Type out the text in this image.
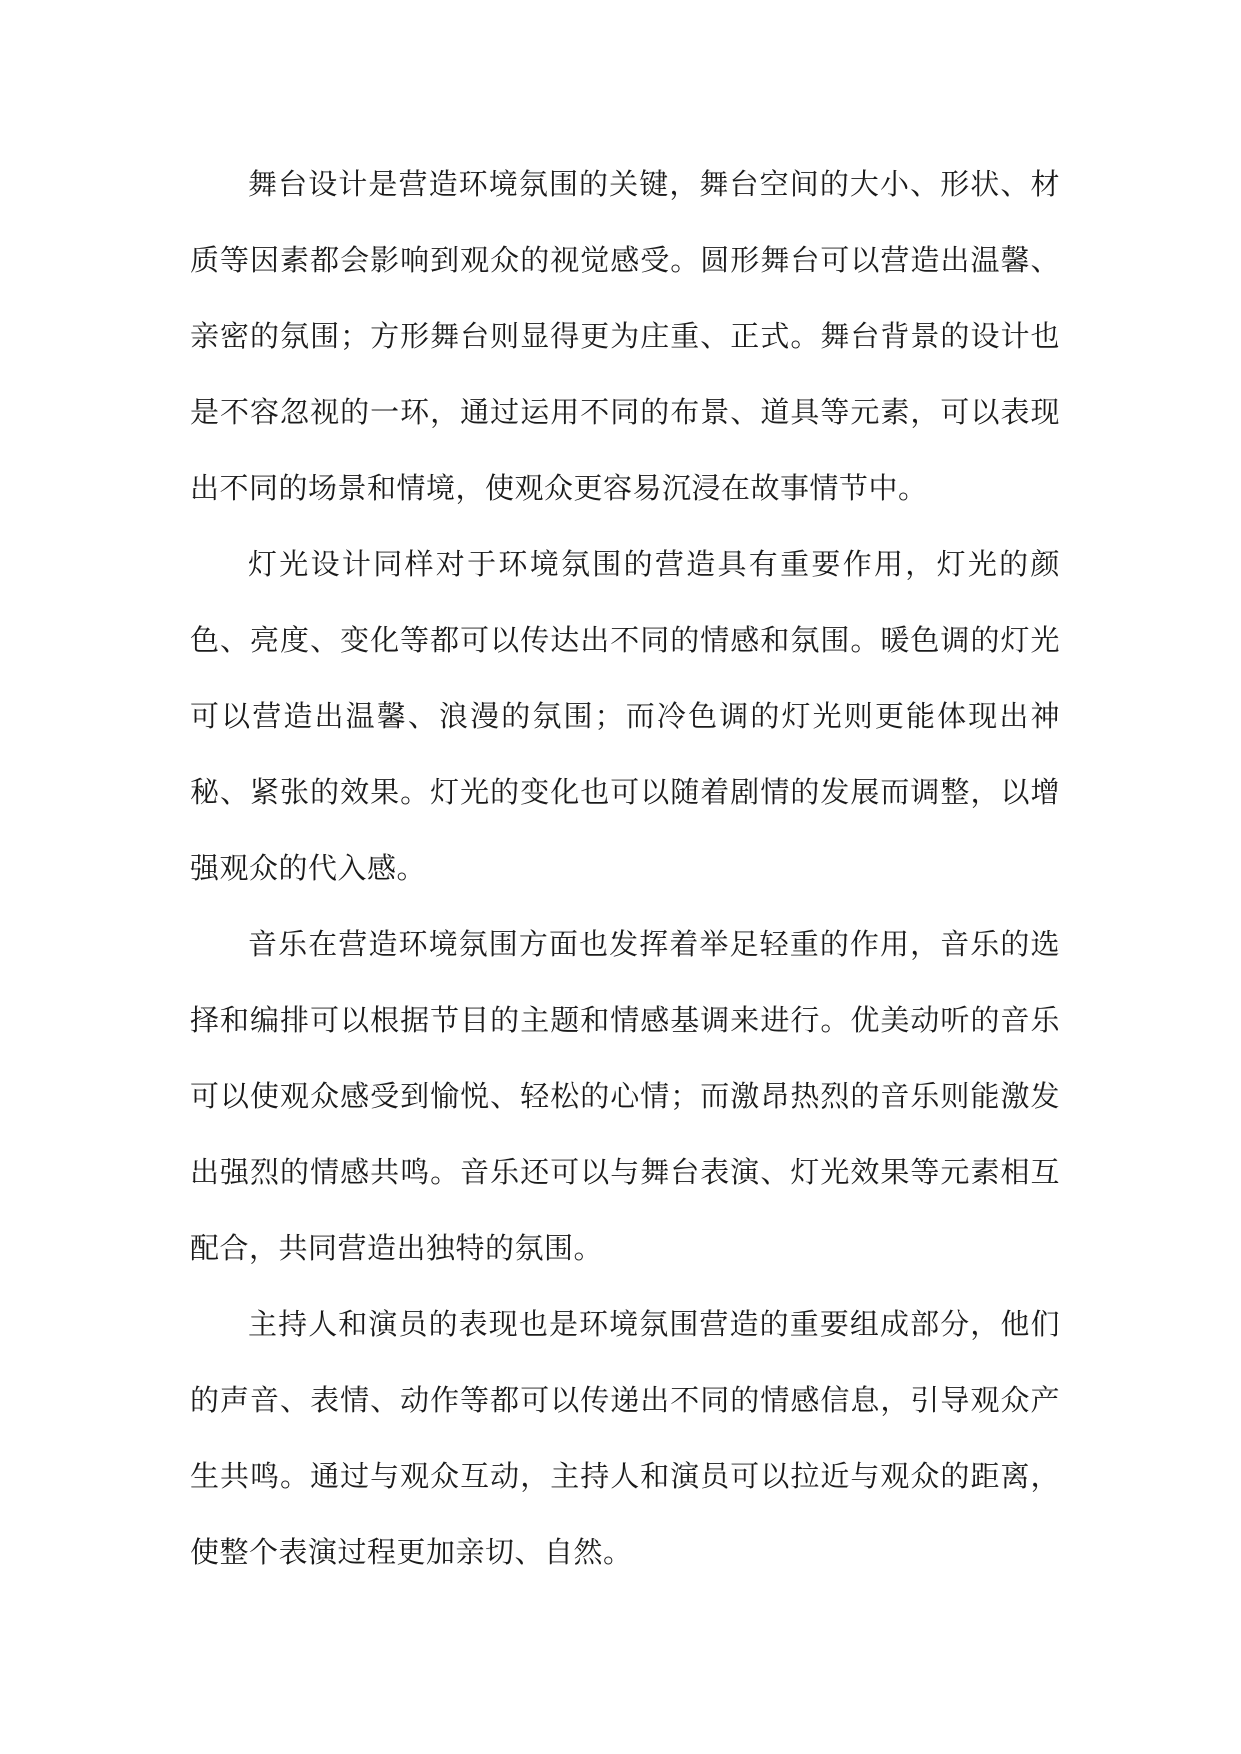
舞台设计是营造环境氛围的关键，舞台空间的大小、形状、材质等因素都会影响到观众的视觉感受。圆形舞台可以营造出温馨、亲密的氛围；方形舞台则显得更为庄重、正式。舞台背景的设计也是不容忽视的一环，通过运用不同的布景、道具等元素，可以表现出不同的场景和情境，使观众更容易沉浸在故事情节中。

灯光设计同样对于环境氛围的营造具有重要作用，灯光的颜色、亮度、变化等都可以传达出不同的情感和氛围。暖色调的灯光可以营造出温馨、浪漫的氛围；而冷色调的灯光则更能体现出神秘、紧张的效果。灯光的变化也可以随着剧情的发展而调整，以增强观众的代入感。

音乐在营造环境氛围方面也发挥着举足轻重的作用，音乐的选择和编排可以根据节目的主题和情感基调来进行。优美动听的音乐可以使观众感受到愉悦、轻松的心情；而激昂热烈的音乐则能激发出强烈的情感共鸣。音乐还可以与舞台表演、灯光效果等元素相互配合，共同营造出独特的氛围。

主持人和演员的表现也是环境氛围营造的重要组成部分，他们的声音、表情、动作等都可以传递出不同的情感信息，引导观众产生共鸣。通过与观众互动，主持人和演员可以拉近与观众的距离，使整个表演过程更加亲切、自然。
